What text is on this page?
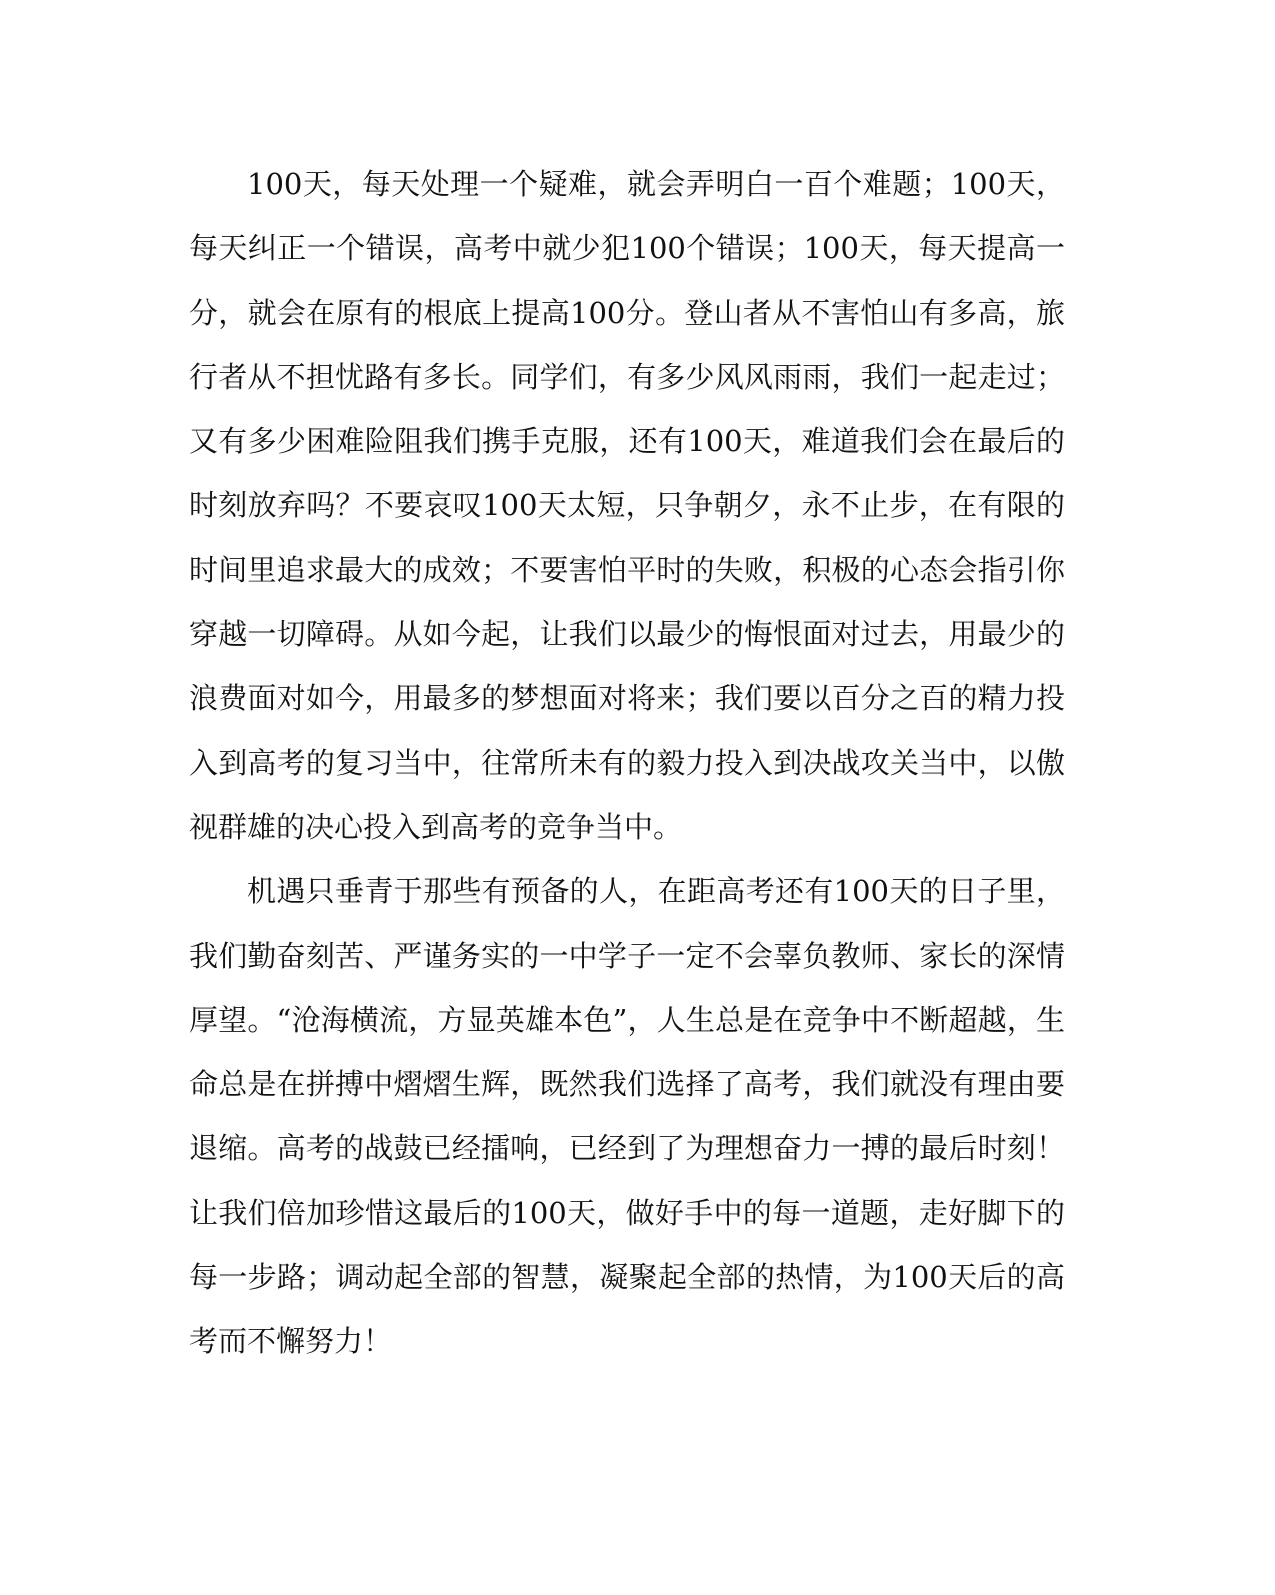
100天，每天处理一个疑难，就会弄明白一百个难题；100天，每天纠正一个错误，高考中就少犯100个错误；100天，每天提高一分，就会在原有的根底上提高100分。登山者从不害怕山有多高，旅行者从不担忧路有多长。同学们，有多少风风雨雨，我们一起走过；又有多少困难险阻我们携手克服，还有100天，难道我们会在最后的时刻放弃吗？不要哀叹100天太短，只争朝夕，永不止步，在有限的时间里追求最大的成效；不要害怕平时的失败，积极的心态会指引你穿越一切障碍。从如今起，让我们以最少的悔恨面对过去，用最少的浪费面对如今，用最多的梦想面对将来；我们要以百分之百的精力投入到高考的复习当中，往常所未有的毅力投入到决战攻关当中，以傲视群雄的决心投入到高考的竞争当中。

机遇只垂青于那些有预备的人，在距高考还有100天的日子里，我们勤奋刻苦、严谨务实的一中学子一定不会辜负教师、家长的深情厚望。“沧海横流，方显英雄本色”，人生总是在竞争中不断超越，生命总是在拼搏中熠熠生辉，既然我们选择了高考，我们就没有理由要退缩。高考的战鼓已经擂响，已经到了为理想奋力一搏的最后时刻！让我们倍加珍惜这最后的100天，做好手中的每一道题，走好脚下的每一步路；调动起全部的智慧，凝聚起全部的热情，为100天后的高考而不懈努力！
